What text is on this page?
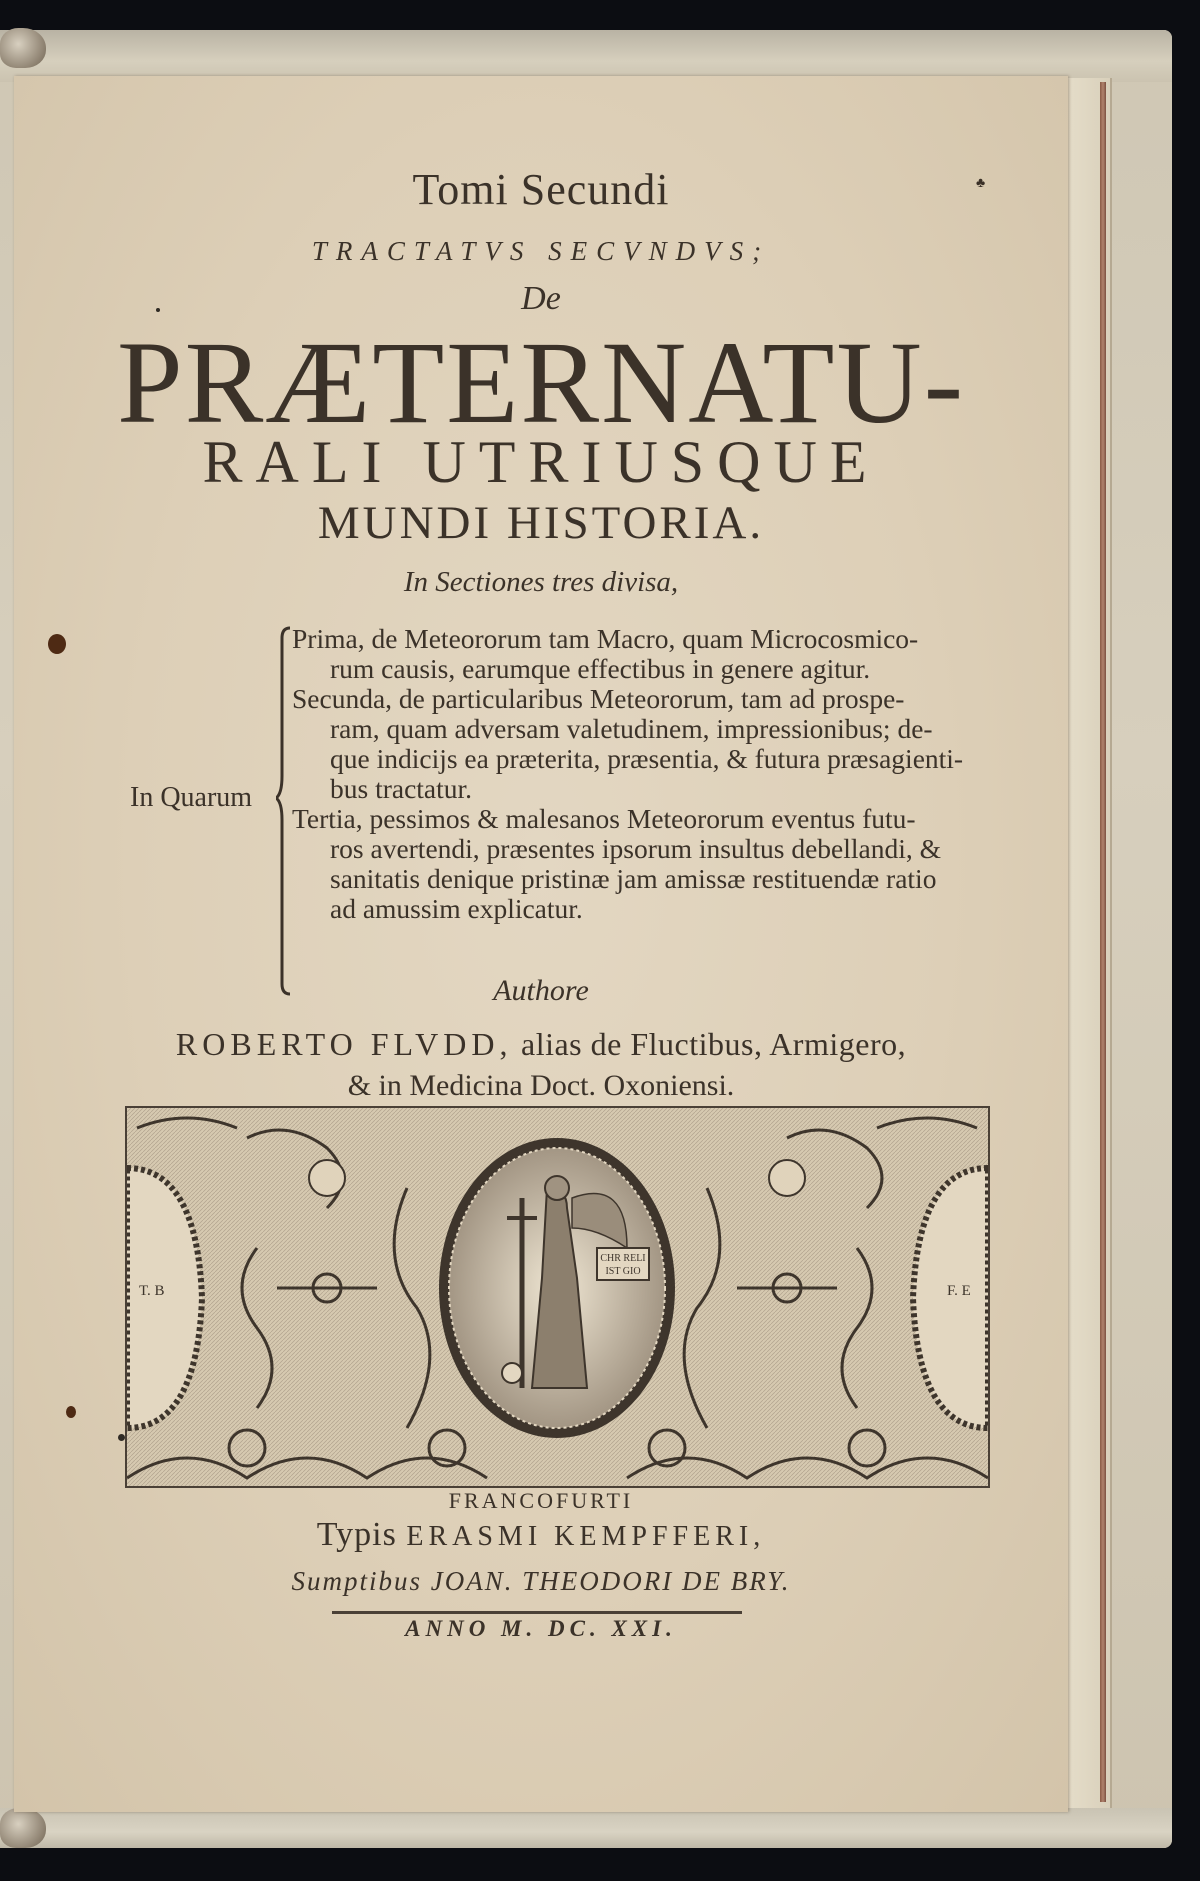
Tomi Secundi
TRACTATVS SECVNDVS;
De
PRÆTERNATU-
RALI UTRIUSQUE
MUNDI HISTORIA.
In Sectiones tres divisa,
In Quarum

Prima, de Meteororum tam Macro, quam Microcosmico-

rum causis, earumque effectibus in genere agitur.

Secunda, de particularibus Meteororum, tam ad prospe-

ram, quam adversam valetudinem, impressionibus; de-

que indicijs ea præterita, præsentia, & futura præsagienti-

bus tractatur.

Tertia, pessimos & malesanos Meteororum eventus futu-

ros avertendi, præsentes ipsorum insultus debellandi, &

sanitatis denique pristinæ jam amissæ restituendæ ratio

ad amussim explicatur.

Authore
ROBERTO FLVDD, alias de Fluctibus, Armigero,
& in Medicina Doct. Oxoniensi.
CHR RELI
IST GIO
T. B	F. E
FRANCOFURTI
Typis ERASMI KEMPFFERI,
Sumptibus JOAN. THEODORI DE BRY.
ANNO M. DC. XXI.
♣
